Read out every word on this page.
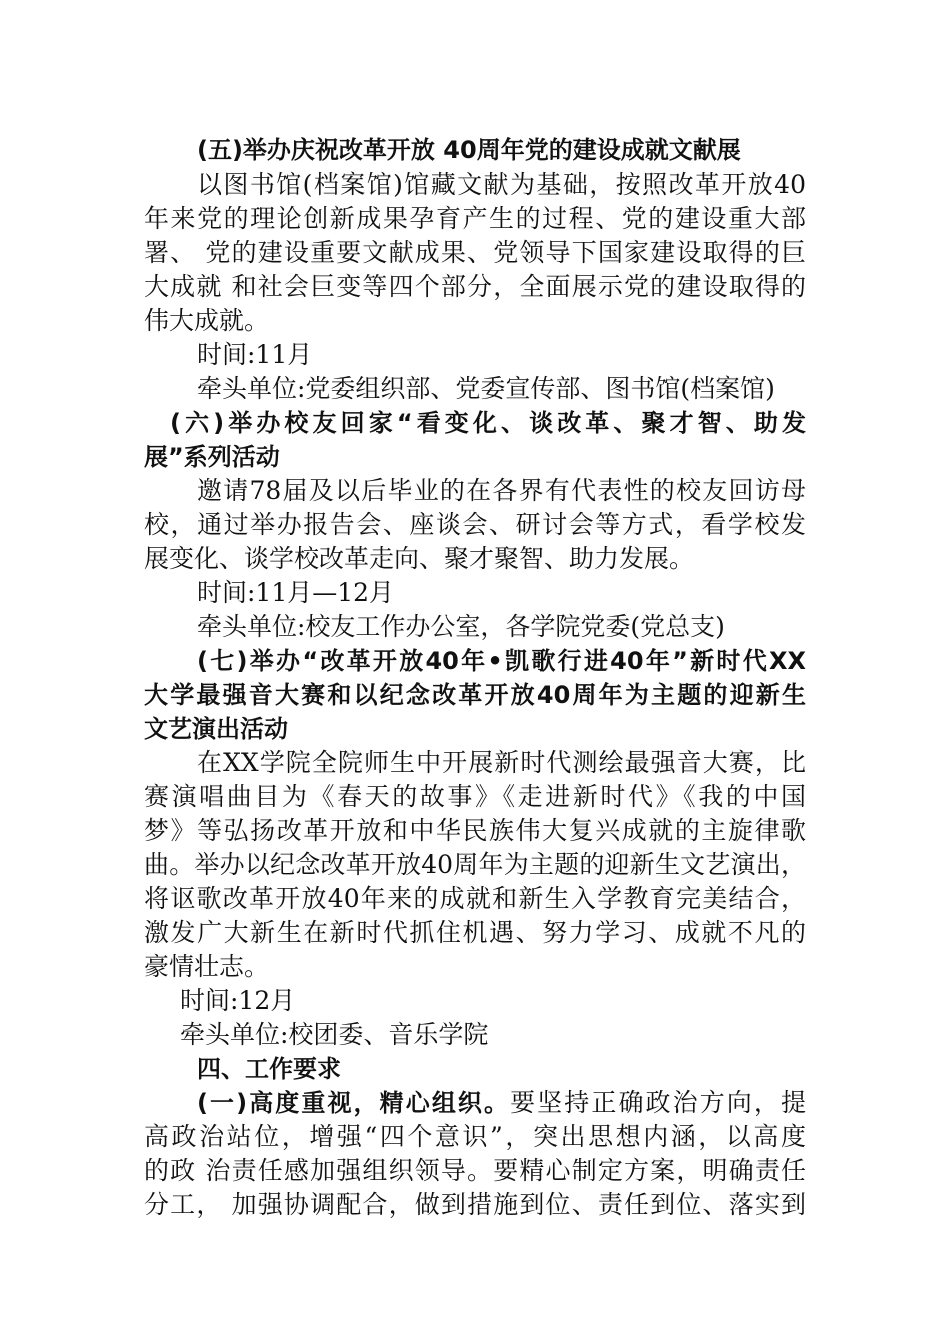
(五)举办庆祝改革开放 40周年党的建设成就文献展
以图书馆(档案馆)馆藏文献为基础，按照改革开放40
年来党的理论创新成果孕育产生的过程、党的建设重大部
署、 党的建设重要文献成果、党领导下国家建设取得的巨
大成就 和社会巨变等四个部分，全面展示党的建设取得的
伟大成就。
时间:11月
牵头单位:党委组织部、党委宣传部、图书馆(档案馆)
(六)举办校友回家“看变化、谈改革、聚才智、助发
展”系列活动
邀请78届及以后毕业的在各界有代表性的校友回访母
校，通过举办报告会、座谈会、研讨会等方式，看学校发
展变化、谈学校改革走向、聚才聚智、助力发展。
时间:11月—12月
牵头单位:校友工作办公室，各学院党委(党总支)
(七)举办“改革开放40年•凯歌行进40年”新时代XX
大学最强音大赛和以纪念改革开放40周年为主题的迎新生
文艺演出活动
在XX学院全院师生中开展新时代测绘最强音大赛，比
赛演唱曲目为《春天的故事》《走进新时代》《我的中国
梦》等弘扬改革开放和中华民族伟大复兴成就的主旋律歌
曲。举办以纪念改革开放40周年为主题的迎新生文艺演出，
将讴歌改革开放40年来的成就和新生入学教育完美结合，
激发广大新生在新时代抓住机遇、努力学习、成就不凡的
豪情壮志。
时间:12月
牵头单位:校团委、音乐学院
四、工作要求
(一)高度重视，精心组织。要坚持正确政治方向，提
高政治站位，增强“四个意识”，突出思想内涵，以高度
的政 治责任感加强组织领导。要精心制定方案，明确责任
分工， 加强协调配合，做到措施到位、责任到位、落实到
